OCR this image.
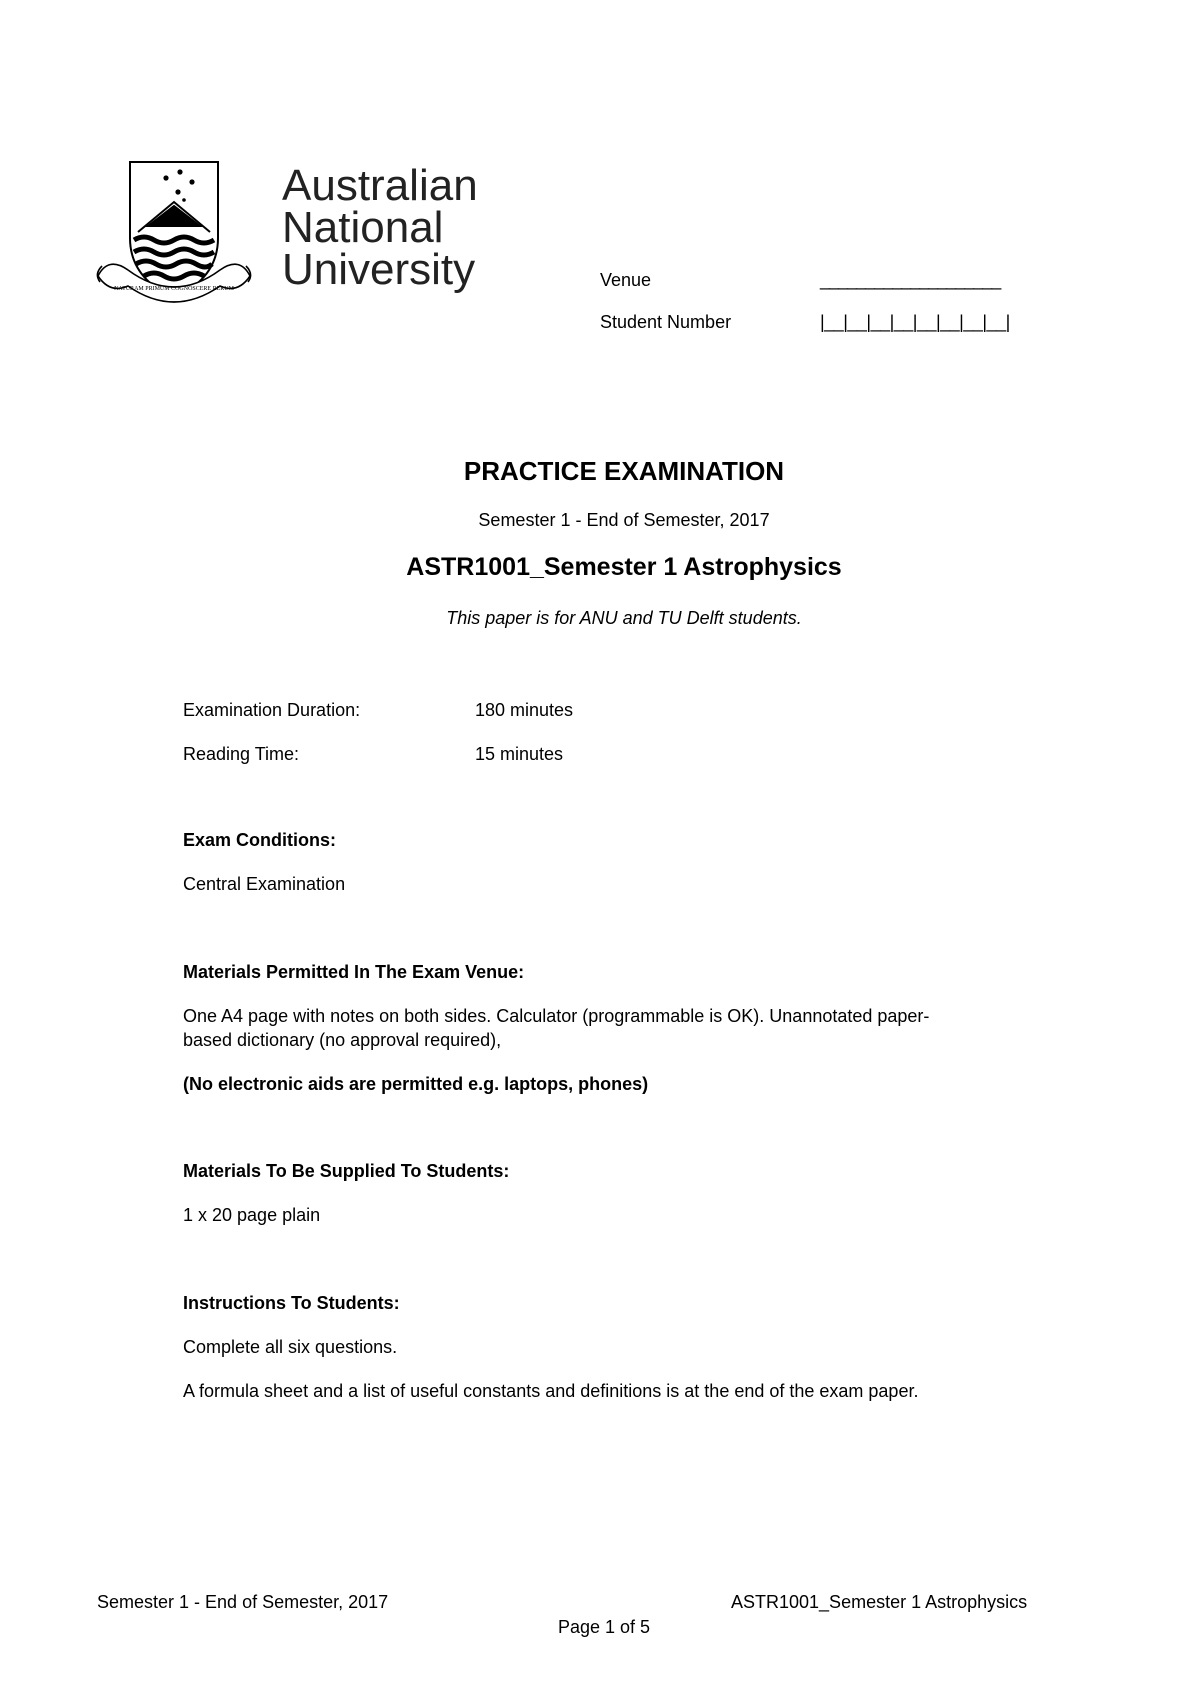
NATURAM PRIMUM COGNOSCERE RERUM
Australian
National
University	Venue	____________________
Student Number	|__|__|__|__|__|__|__|__|
PRACTICE EXAMINATION
Semester 1 - End of Semester, 2017
ASTR1001_Semester 1 Astrophysics
This paper is for ANU and TU Delft students.
Examination Duration:	180 minutes
Reading Time:	15 minutes
Exam Conditions:
Central Examination
Materials Permitted In The Exam Venue:
One A4 page with notes on both sides. Calculator (programmable is OK). Unannotated paper-
based dictionary (no approval required),
(No electronic aids are permitted e.g. laptops, phones)
Materials To Be Supplied To Students:
1 x 20 page plain
Instructions To Students:
Complete all six questions.
A formula sheet and a list of useful constants and definitions is at the end of the exam paper.
Semester 1 - End of Semester, 2017	ASTR1001_Semester 1 Astrophysics
Page 1 of 5
